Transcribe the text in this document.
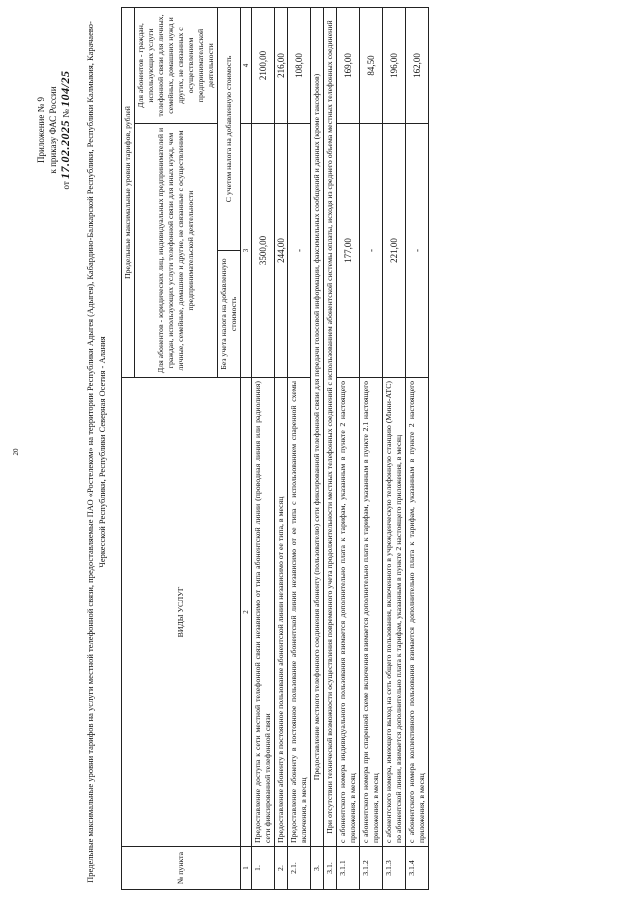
20
Приложение № 9 к приказу ФАС России
от 17.02.2025 № 104/25 Предельные максимальные уровни тарифов на услуги местной телефонной связи, предоставляемые ПАО «Ростелеком» на территории Республики Адыгея (Адыгея), Кабардино-Балкарской Республики, Республики Калмыкия, Карачаево-Черкесской Республики, Республики Северная Осетия - Алания
№ пункта	ВИДЫ УСЛУГ	Предельные максимальные уровни тарифов, рублей		
		Для абонентов - юридических лиц, индивидуальных предпринимателей и граждан, использующих услуги телефонной связи для иных нужд, чем личные, семейные, домашние и другие, не связанные с осуществлением предпринимательской деятельности		Для абонентов - граждан, использующих услуги телефонной связи для личных, семейных, домашних нужд и других, не связанных с осуществлением предпринимательской деятельности
		Без учета налога на добавленную стоимость	С учетом налога на добавленную стоимость	
1	2	3		4
1.	Предоставление доступа к сети местной телефонной связи независимо от типа абонентской линии (проводная линия или радиолиния) сети фиксированной телефонной связи	3500,00		2100,00
2.	Предоставление абоненту в постоянное пользование абонентской линии независимо от ее типа, в месяц	244,00		216,00
2.1.	Предоставление абоненту в постоянное пользование абонентской линии независимо от ее типа с использованием спаренной схемы включения, в месяц	-		108,00
3.	Предоставление местного телефонного соединения абоненту (пользователю) сети фиксированной телефонной связи для передачи голосовой информации, факсимильных сообщений и данных (кроме таксофонов)			
3.1.	При отсутствии технической возможности осуществления повременного учета продолжительности местных телефонных соединений с использованием абонентской системы оплаты, исходя из среднего объема местных телефонных соединений			
3.1.1	с абонентского номера индивидуального пользования взимается дополнительно плата к тарифам, указанным в пункте 2 настоящего приложения, в месяц	177,00		169,00
3.1.2	с абонентского номера при спаренной схеме включения взимается дополнительно плата к тарифам, указанным в пункте 2.1 настоящего приложения, в месяц	-		84,50
3.1.3	с абонентского номера, имеющего выход на сеть общего пользования, включенного в учрежденческую телефонную станцию (Мини-АТС) по абонентской линии, взимается дополнительно плата к тарифам, указанным в пункте 2 настоящего приложения, в месяц	221,00		196,00
3.1.4	с абонентского номера коллективного пользования взимается дополнительно плата к тарифам, указанным в пункте 2 настоящего приложения, в месяц	-		162,00
